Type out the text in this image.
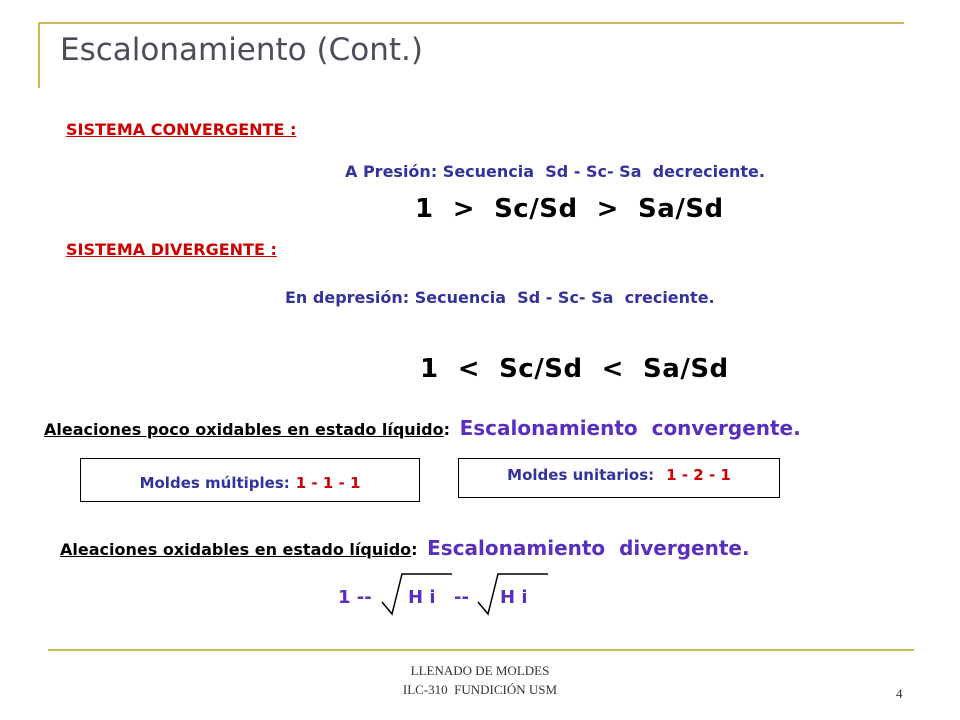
Escalonamiento (Cont.)
SISTEMA CONVERGENTE :
A Presión: Secuencia  Sd - Sc- Sa  decreciente.
1  >  Sc/Sd  >  Sa/Sd
SISTEMA DIVERGENTE :
En depresión: Secuencia  Sd - Sc- Sa  creciente.
1  <  Sc/Sd  <  Sa/Sd
Aleaciones poco oxidables en estado líquido: Escalonamiento  convergente.
Moldes múltiples: 1 - 1 - 1	Moldes unitarios: 1 - 2 - 1
Aleaciones oxidables en estado líquido: Escalonamiento  divergente.
1 -- H i -- H i
LLENADO DE MOLDES
ILC-310  FUNDICIÓN USM	4
